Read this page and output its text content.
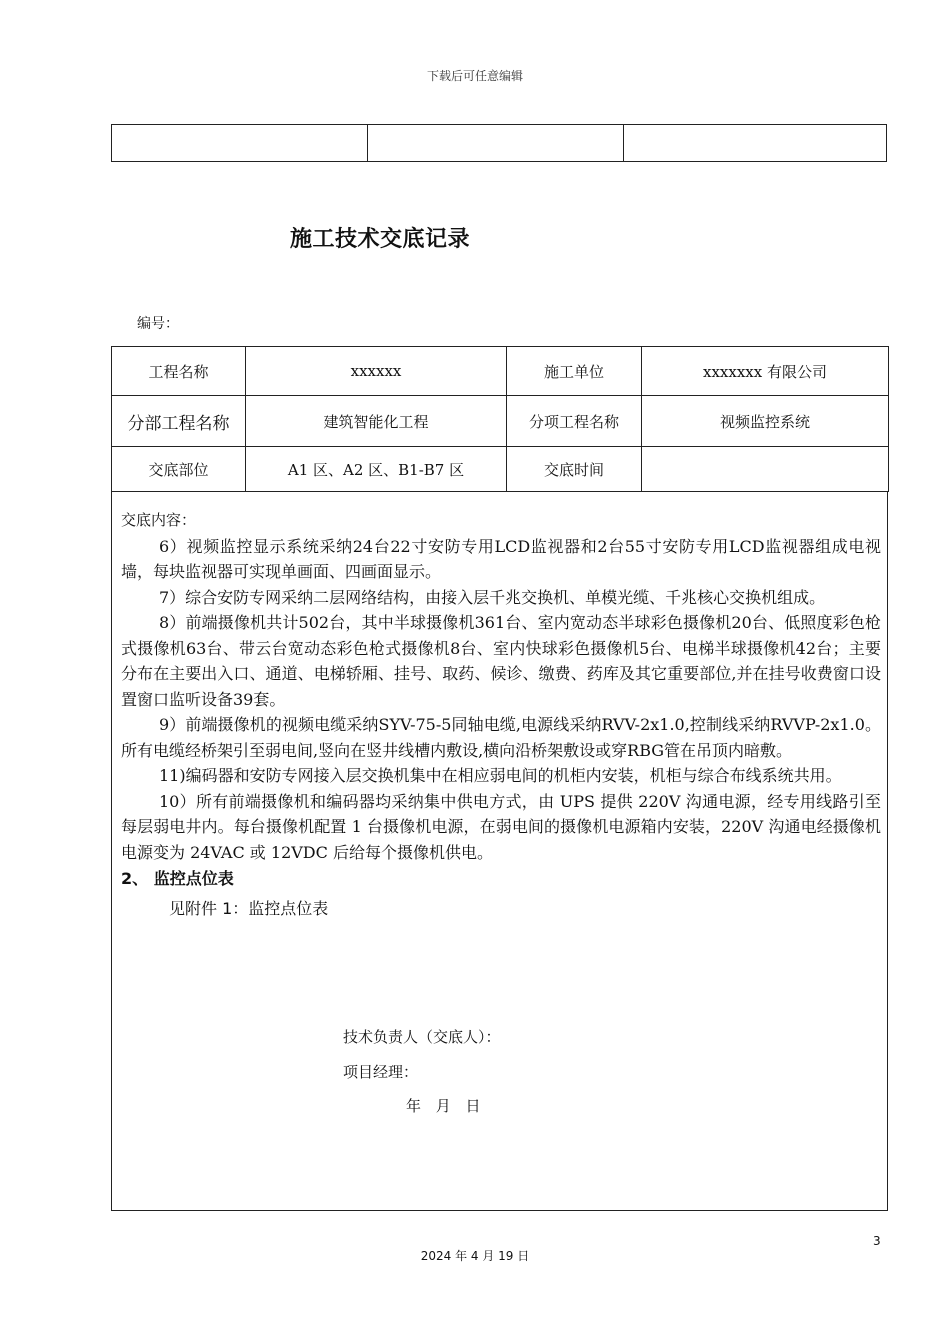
下载后可任意编辑
施工技术交底记录
编号：
工程名称	xxxxxx	施工单位	xxxxxxx 有限公司
分部工程名称	建筑智能化工程	分项工程名称	视频监控系统
交底部位	A1 区、A2 区、B1-B7 区	交底时间	

交底内容：

6）视频监控显示系统采纳24台22寸安防专用LCD监视器和2台55寸安防专用LCD监视器组成电视墙，每块监视器可实现单画面、四画面显示。

7）综合安防专网采纳二层网络结构，由接入层千兆交换机、单模光缆、千兆核心交换机组成。

8）前端摄像机共计502台，其中半球摄像机361台、室内宽动态半球彩色摄像机20台、低照度彩色枪式摄像机63台、带云台宽动态彩色枪式摄像机8台、室内快球彩色摄像机5台、电梯半球摄像机42台；主要分布在主要出入口、通道、电梯轿厢、挂号、取药、候诊、缴费、药库及其它重要部位,并在挂号收费窗口设置窗口监听设备39套。

9）前端摄像机的视频电缆采纳SYV-75-5同轴电缆,电源线采纳RVV-2x1.0,控制线采纳RVVP-2x1.0。所有电缆经桥架引至弱电间,竖向在竖井线槽内敷设,横向沿桥架敷设或穿RBG管在吊顶内暗敷。

11)编码器和安防专网接入层交换机集中在相应弱电间的机柜内安装，机柜与综合布线系统共用。

10）所有前端摄像机和编码器均采纳集中供电方式，由 UPS 提供 220V 沟通电源，经专用线路引至每层弱电井内。每台摄像机配置 1 台摄像机电源，在弱电间的摄像机电源箱内安装，220V 沟通电经摄像机电源变为 24VAC 或 12VDC 后给每个摄像机供电。

2、 监控点位表

见附件 1：监控点位表

技术负责人（交底人）：
项目经理：
年 月 日
3
2024 年 4 月 19 日
